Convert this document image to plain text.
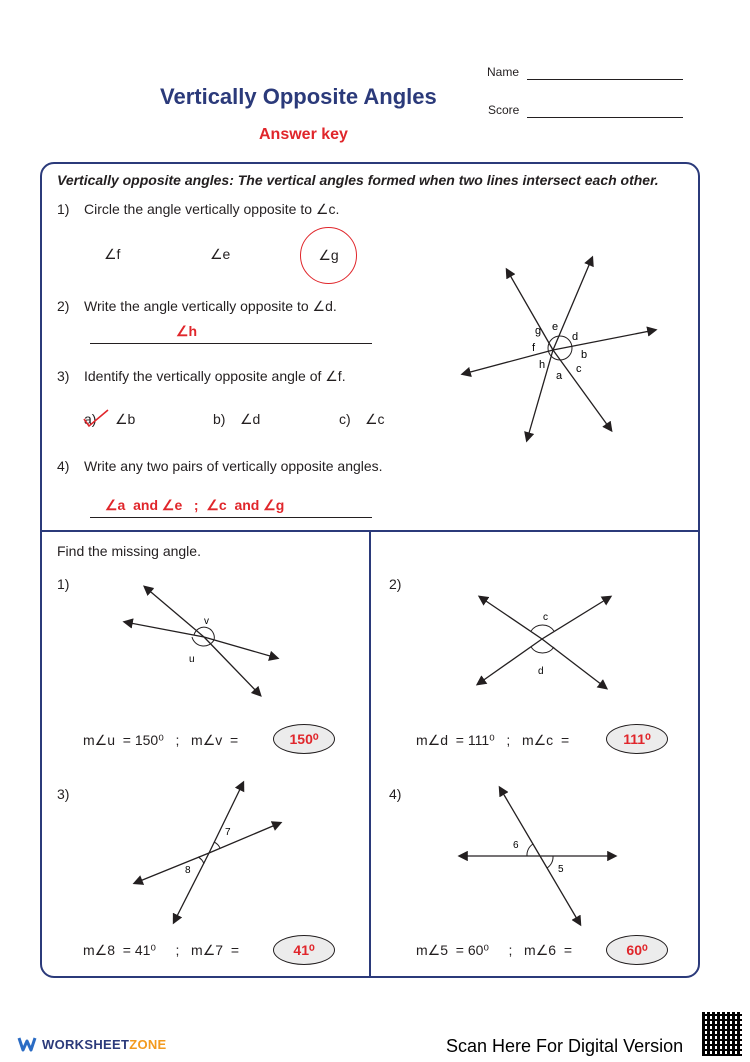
Vertically Opposite Angles
Answer key
Name
Score
Vertically opposite angles: The vertical angles formed when two lines intersect each other.
1) Circle the angle vertically opposite to ∠c.
∠f	∠e	∠g
2) Write the angle vertically opposite to ∠d.
∠h
3) Identify the vertically opposite angle of ∠f.
a) ∠b	b) ∠d	c) ∠c
4) Write any two pairs of vertically opposite angles.
∠a  and ∠e   ;  ∠c  and ∠g
g e
d
f
b
h	c
a
Find the missing angle.
1)
v
u
m∠u  = 150⁰   ;   m∠v  =	150⁰
2)
c
d
m∠d  = 111⁰   ;   m∠c  =	111⁰
3)
7
8
m∠8  = 41⁰     ;   m∠7  =	41⁰
4)
6
5
m∠5  = 60⁰     ;   m∠6  =	60⁰
WORKSHEETZONE	Scan Here For Digital Version
